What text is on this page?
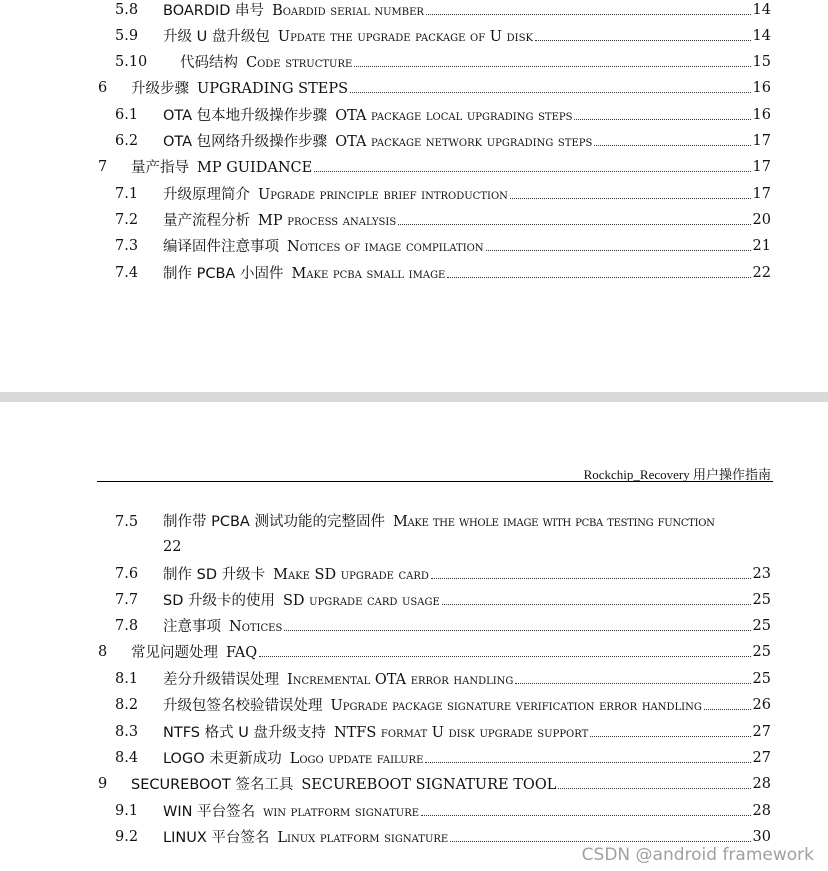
5.8 BOARDID 串号 Boardid serial number	14
5.9 升级 U 盘升级包 Update the upgrade package of U disk	14
5.10 代码结构 Code structure	15
6 升级步骤 UPGRADING STEPS	16
6.1 OTA 包本地升级操作步骤 OTA package local upgrading steps	16
6.2 OTA 包网络升级操作步骤 OTA package network upgrading steps	17
7 量产指导 MP GUIDANCE	17
7.1 升级原理简介 Upgrade principle brief introduction	17
7.2 量产流程分析 MP process analysis	20
7.3 编译固件注意事项 Notices of image compilation	21
7.4 制作 PCBA 小固件 Make pcba small image	22
Rockchip_Recovery 用户操作指南
7.5 制作带 PCBA 测试功能的完整固件 Make the whole image with pcba testing function
22
7.6 制作 SD 升级卡 Make SD upgrade card	23
7.7 SD 升级卡的使用 SD upgrade card usage	25
7.8 注意事项 Notices	25
8 常见问题处理 FAQ	25
8.1 差分升级错误处理 Incremental OTA error handling	25
8.2 升级包签名校验错误处理 Upgrade package signature verification error handling	26
8.3 NTFS 格式 U 盘升级支持 NTFS format U disk upgrade support	27
8.4 LOGO 未更新成功 Logo update failure	27
9 SECUREBOOT 签名工具 SECUREBOOT SIGNATURE TOOL	28
9.1 WIN 平台签名 win platform signature	28
9.2 LINUX 平台签名 Linux platform signature	30
CSDN @android framework
